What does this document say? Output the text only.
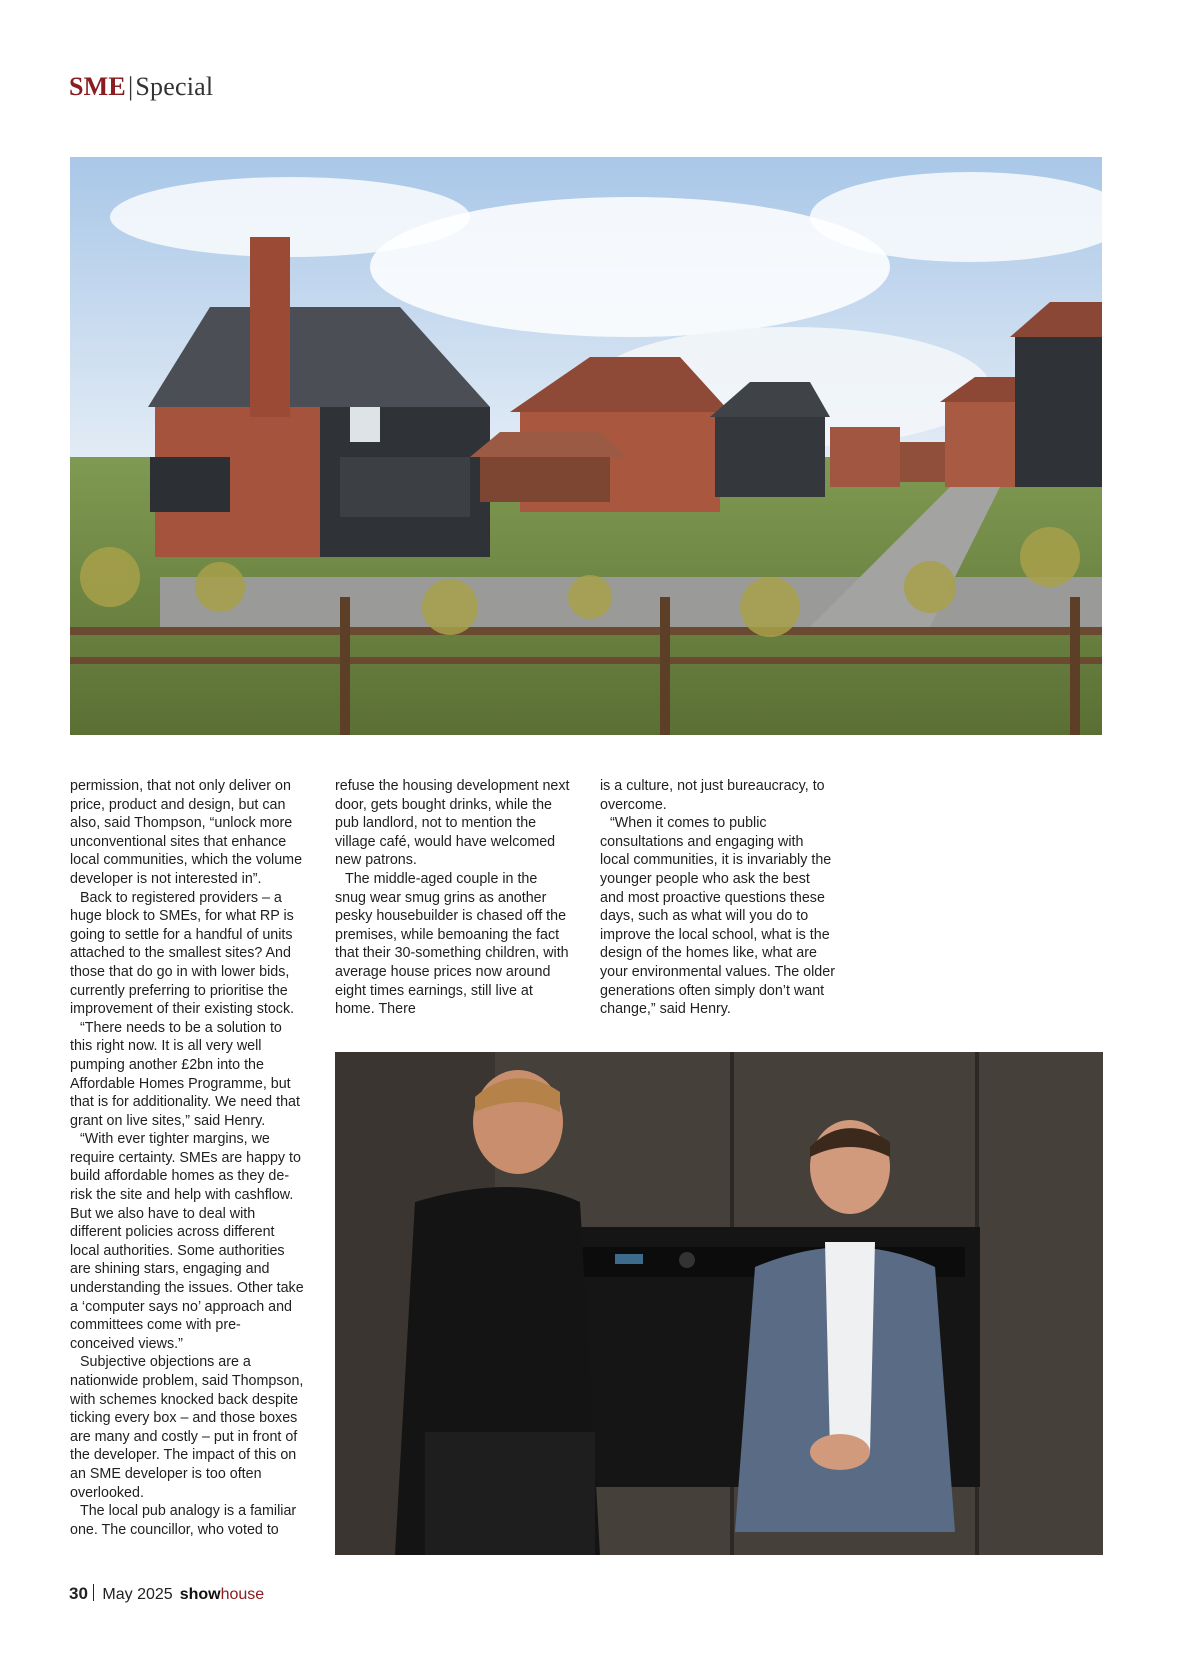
SME|Special

permission, that not only deliver on price, product and design, but can also, said Thompson, “unlock more unconventional sites that enhance local communities, which the volume developer is not interested in”.

Back to registered providers – a huge block to SMEs, for what RP is going to settle for a handful of units attached to the smallest sites? And those that do go in with lower bids, currently preferring to prioritise the improvement of their existing stock.

“There needs to be a solution to this right now. It is all very well pumping another £2bn into the Affordable Homes Programme, but that is for additionality. We need that grant on live sites,” said Henry.

“With ever tighter margins, we require certainty. SMEs are happy to build affordable homes as they de-risk the site and help with cashflow. But we also have to deal with different policies across different local authorities. Some authorities are shining stars, engaging and understanding the issues. Other take a ‘computer says no’ approach and committees come with pre-conceived views.”

Subjective objections are a nationwide problem, said Thompson, with schemes knocked back despite ticking every box – and those boxes are many and costly – put in front of the developer. The impact of this on an SME developer is too often overlooked.

The local pub analogy is a familiar one. The councillor, who voted to

refuse the housing development next door, gets bought drinks, while the pub landlord, not to mention the village café, would have welcomed new patrons.

The middle-aged couple in the snug wear smug grins as another pesky housebuilder is chased off the premises, while bemoaning the fact that their 30-something children, with average house prices now around eight times earnings, still live at home. There

is a culture, not just bureaucracy, to overcome.

“When it comes to public consultations and engaging with local communities, it is invariably the younger people who ask the best and most proactive questions these days, such as what will you do to improve the local school, what is the design of the homes like, what are your environmental values. The older generations often simply don’t want change,” said Henry.

30 May 2025 showhouse
